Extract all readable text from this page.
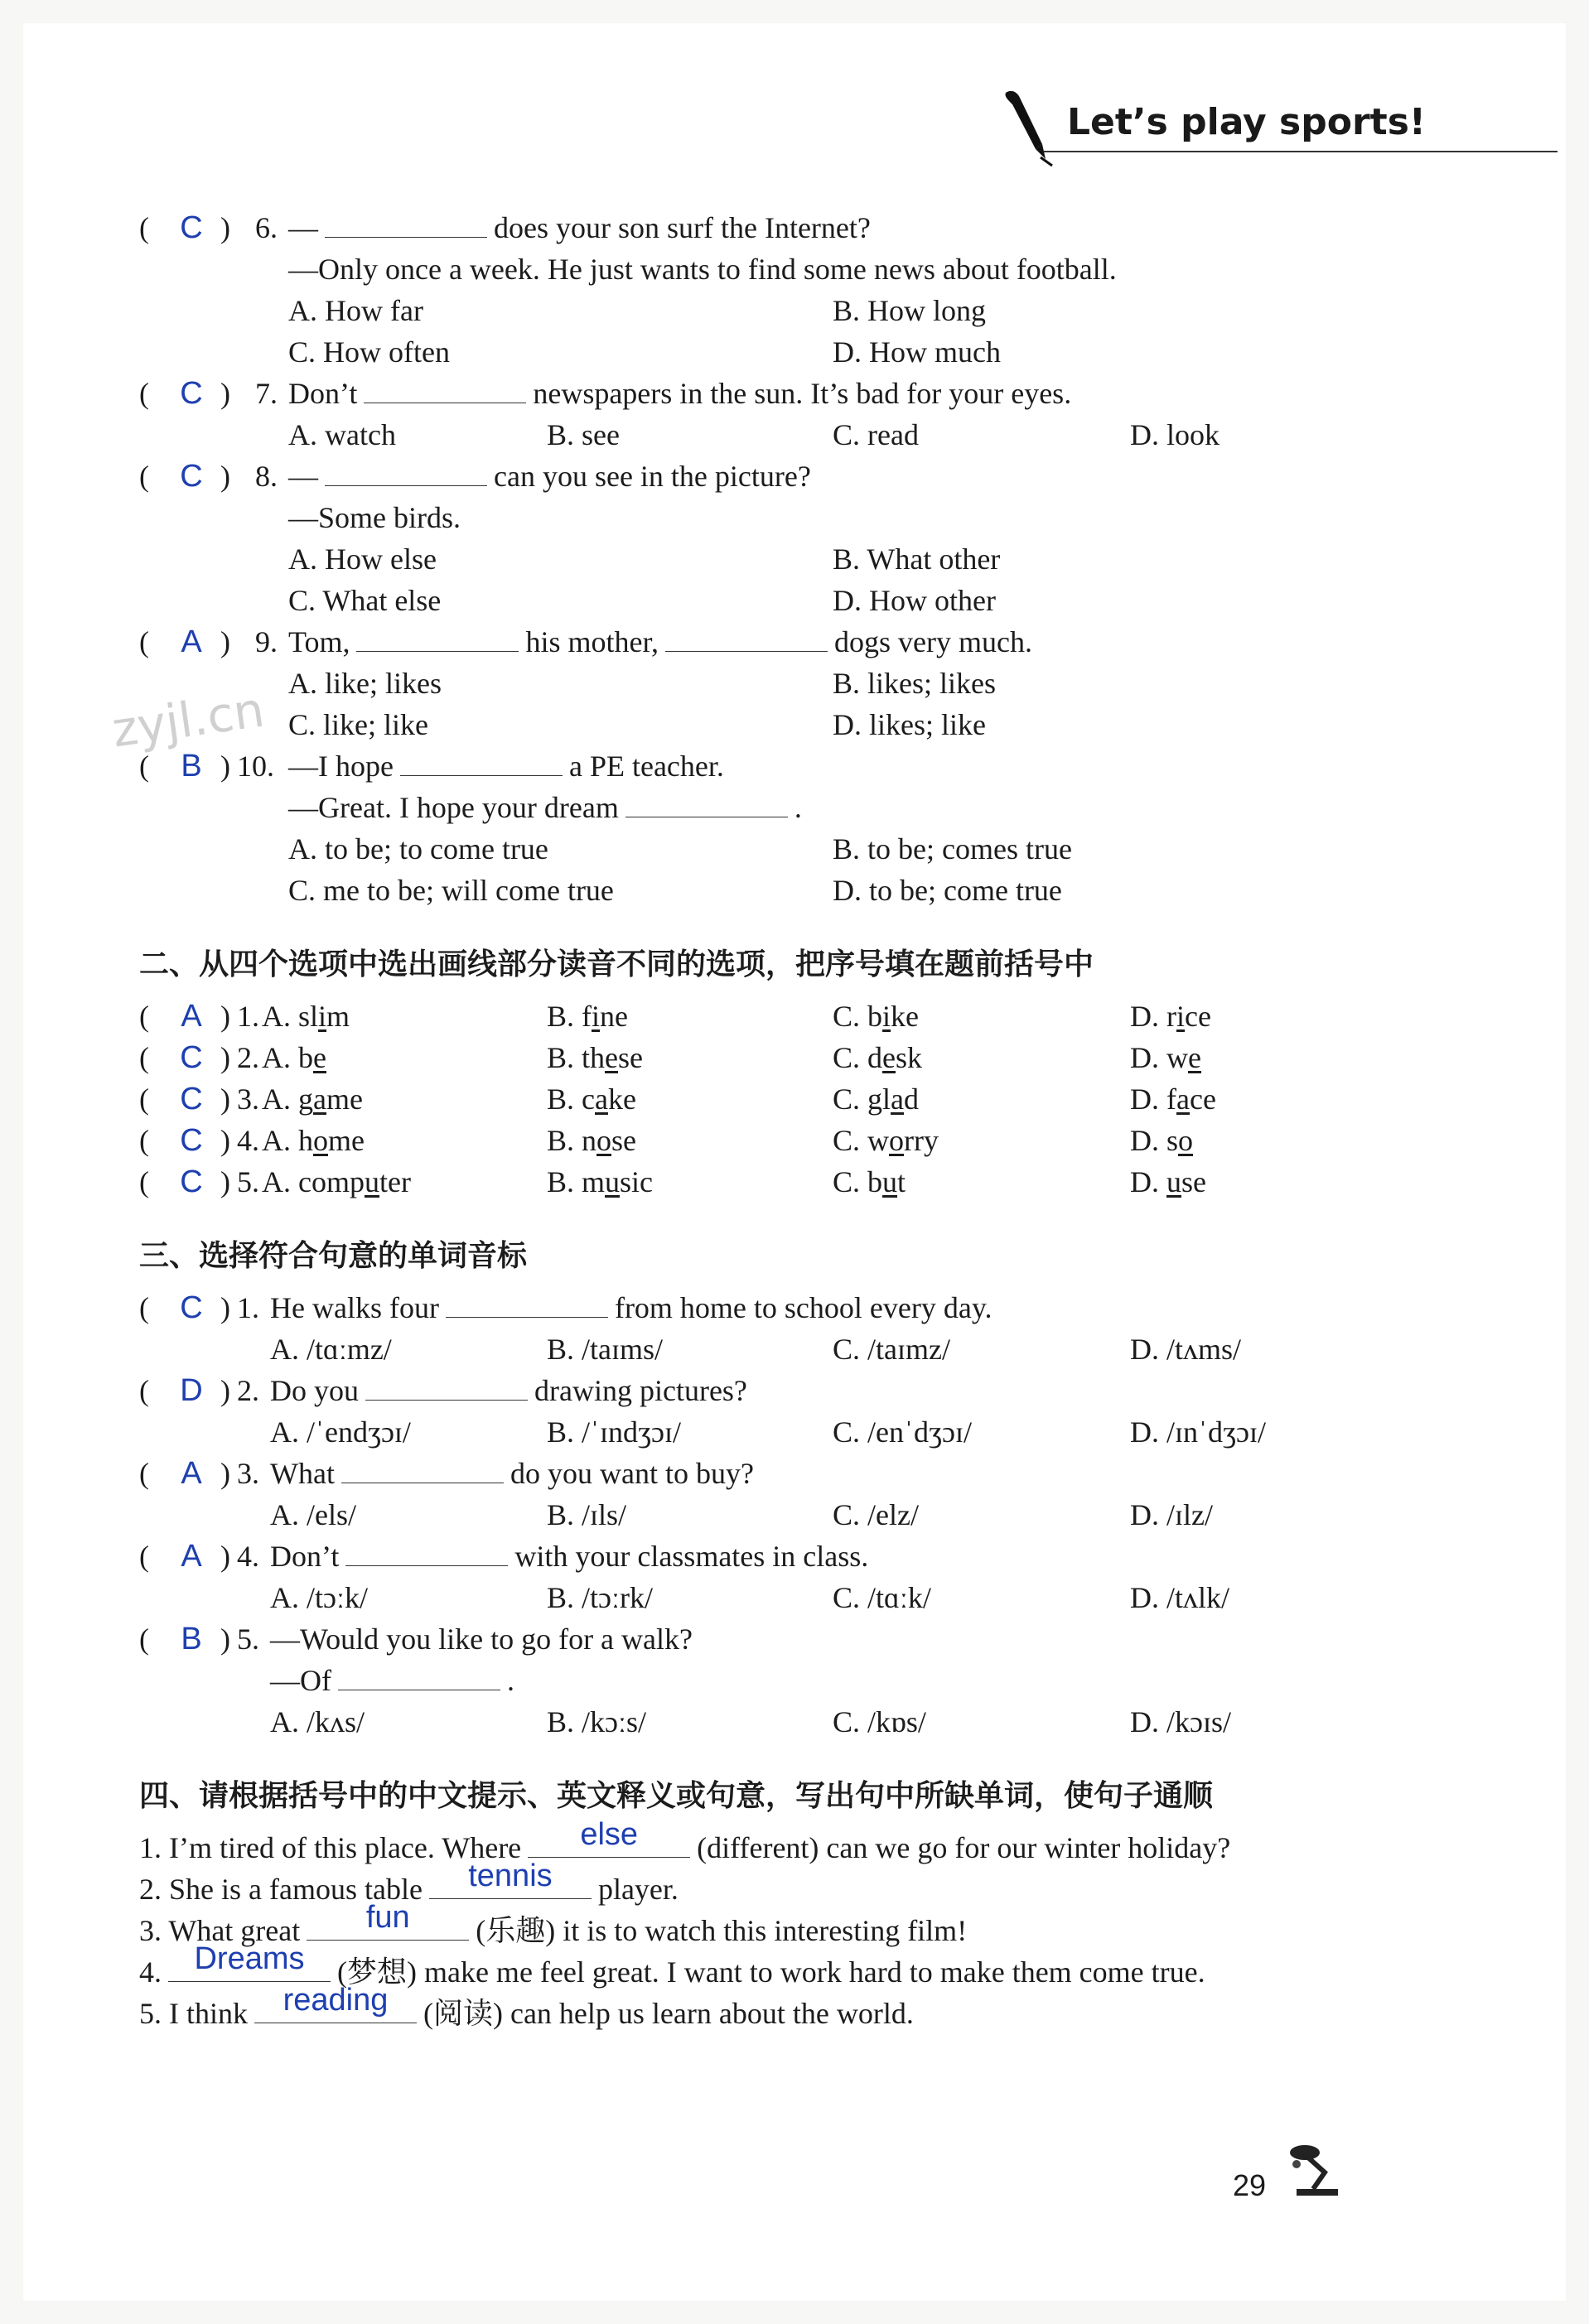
Let’s play sports!
zyjl.cn
( C ) 6. —	does your son surf the Internet?
—Only once a week. He just wants to find some news about football.
A. How far	B. How long
C. How often	D. How much
( C ) 7. Don’t	newspapers in the sun. It’s bad for your eyes.
A. watch	B. see	C. read	D. look
( C ) 8. —	can you see in the picture?
—Some birds.
A. How else	B. What other
C. What else	D. How other
( A ) 9. Tom,	his mother,	dogs very much.
A. like; likes	B. likes; likes
C. like; like	D. likes; like
( B ) 10. —I hope	a PE teacher.
—Great. I hope your dream	.
A. to be; to come true	B. to be; comes true
C. me to be; will come true	D. to be; come true
二、从四个选项中选出画线部分读音不同的选项，把序号填在题前括号中
( A ) 1. A. slim	B. fine	C. bike	D. rice
( C ) 2. A. be	B. these	C. desk	D. we
( C ) 3. A. game	B. cake	C. glad	D. face
( C ) 4. A. home	B. nose	C. worry	D. so
( C ) 5. A. computer	B. music	C. but	D. use
三、选择符合句意的单词音标
( C ) 1. He walks four	from home to school every day.
A. /tɑːmz/	B. /taɪms/	C. /taɪmz/	D. /tʌms/
( D ) 2. Do you	drawing pictures?
A. /ˈendʒɔɪ/	B. /ˈɪndʒɔɪ/	C. /enˈdʒɔɪ/	D. /ɪnˈdʒɔɪ/
( A ) 3. What	do you want to buy?
A. /els/	B. /ɪls/	C. /elz/	D. /ɪlz/
( A ) 4. Don’t	with your classmates in class.
A. /tɔːk/	B. /tɔːrk/	C. /tɑːk/	D. /tʌlk/
( B ) 5. —Would you like to go for a walk?
—Of	.
A. /kʌs/	B. /kɔːs/	C. /kɒs/	D. /kɔɪs/
四、请根据括号中的中文提示、英文释义或句意，写出句中所缺单词，使句子通顺
1. I’m tired of this place. Where	else	(different) can we go for our winter holiday?
2. She is a famous table	tennis	player.
3. What great	fun	(乐趣) it is to watch this interesting film!
4.	Dreams	(梦想) make me feel great. I want to work hard to make them come true.
5. I think	reading	(阅读) can help us learn about the world.
29
